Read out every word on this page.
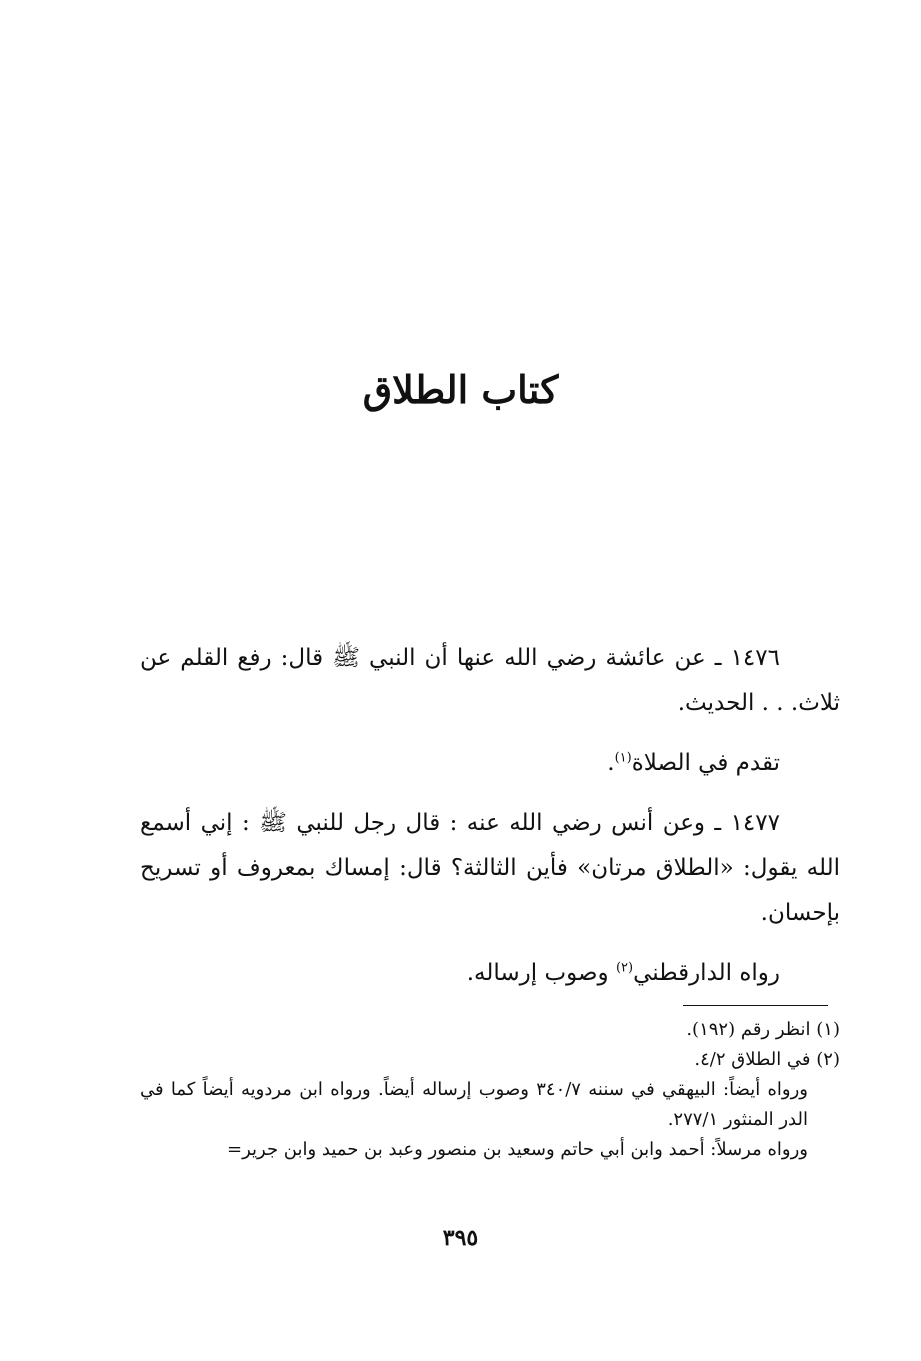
كتاب الطلاق

١٤٧٦ ـ عن عائشة رضي الله عنها أن النبي ﷺ قال: رفع القلم عن ثلاث. . . الحديث.

تقدم في الصلاة$^{(١)}$.

١٤٧٧ ـ وعن أنس رضي الله عنه : قال رجل للنبي ﷺ : إني أسمع الله يقول: «الطلاق مرتان» فأين الثالثة؟ قال: إمساك بمعروف أو تسريح بإحسان.

رواه الدارقطني$^{(٢)}$ وصوب إرساله.

(١) انظر رقم (١٩٢).

(٢) في الطلاق ٤/٢.

ورواه أيضاً: البيهقي في سننه ٣٤٠/٧ وصوب إرساله أيضاً. ورواه ابن مردويه أيضاً كما في الدر المنثور ٢٧٧/١.

ورواه مرسلاً: أحمد وابن أبي حاتم وسعيد بن منصور وعبد بن حميد وابن جرير=

٣٩٥
